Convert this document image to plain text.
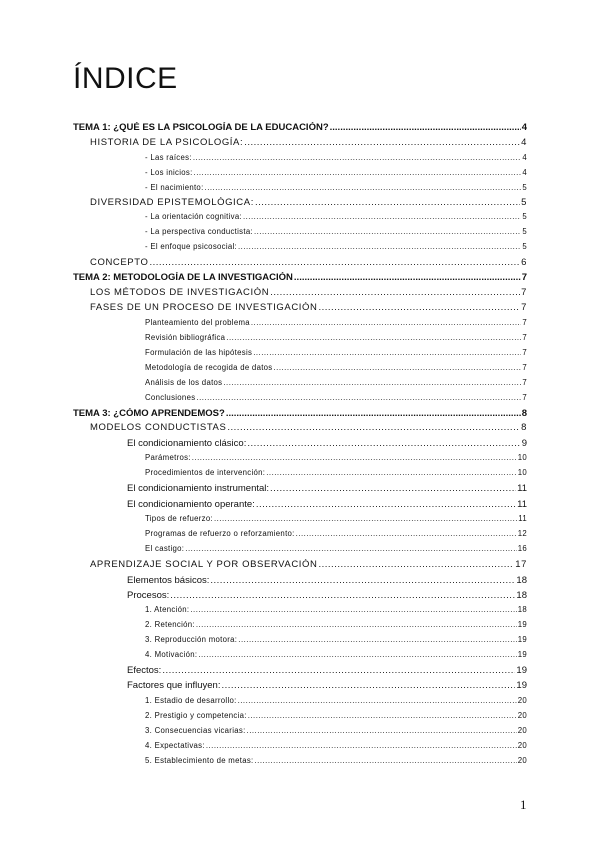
ÍNDICE
TEMA 1: ¿QUÉ ES LA PSICOLOGÍA DE LA EDUCACIÓN? .....	4
HISTORIA DE LA PSICOLOGÍA: .....	4
- Las raíces: .....	4
- Los inicios: .....	4
- El nacimiento: .....	5
DIVERSIDAD EPISTEMOLÓGICA: .....	5
- La orientación cognitiva: .....	5
- La perspectiva conductista: .....	5
- El enfoque psicosocial: .....	5
CONCEPTO .....	6
TEMA 2: METODOLOGÍA DE LA INVESTIGACIÓN .....	7
LOS MÉTODOS DE INVESTIGACIÓN .....	7
FASES DE UN PROCESO DE INVESTIGACIÓN .....	7
Planteamiento del problema .....	7
Revisión bibliográfica .....	7
Formulación de las hipótesis .....	7
Metodología de recogida de datos .....	7
Análisis de los datos .....	7
Conclusiones .....	7
TEMA 3: ¿CÓMO APRENDEMOS? .....	8
MODELOS CONDUCTISTAS .....	8
El condicionamiento clásico: .....	9
Parámetros: .....	10
Procedimientos de intervención: .....	10
El condicionamiento instrumental: .....	11
El condicionamiento operante: .....	11
Tipos de refuerzo: .....	11
Programas de refuerzo o reforzamiento: .....	12
El castigo: .....	16
APRENDIZAJE SOCIAL Y POR OBSERVACIÓN .....	17
Elementos básicos: .....	18
Procesos: .....	18
1. Atención: .....	18
2. Retención: .....	19
3. Reproducción motora: .....	19
4. Motivación: .....	19
Efectos: .....	19
Factores que influyen: .....	19
1. Estadio de desarrollo: .....	20
2. Prestigio y competencia: .....	20
3. Consecuencias vicarias: .....	20
4. Expectativas: .....	20
5. Establecimiento de metas: .....	20
1
